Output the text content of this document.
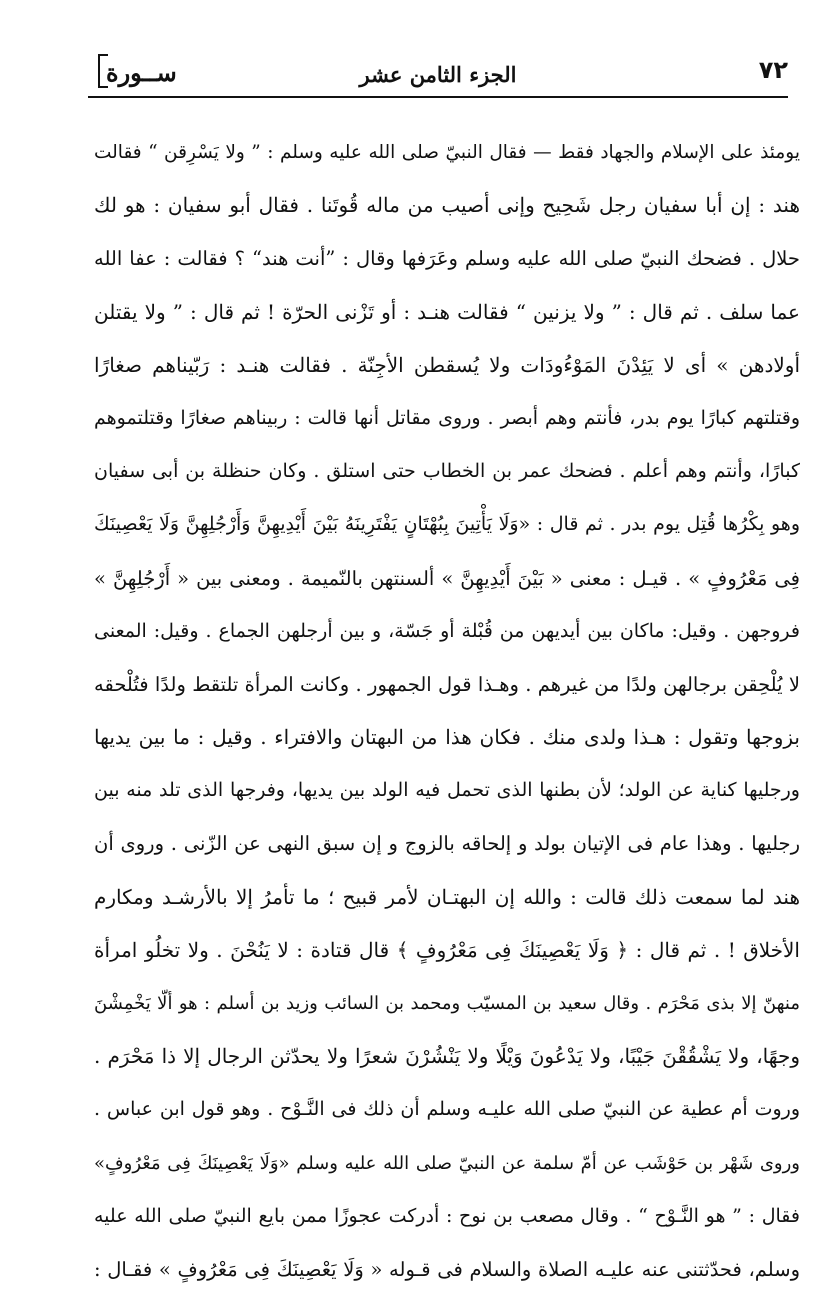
٧٢
الجزء الثامن عشر
ســورة
يومئذ على الإسلام والجهاد فقط — فقال النبيّ صلى الله عليه وسلم : ” ولا يَسْرِقن “ فقالت
هند : إن أبا سفيان رجل شَحِيح وإنى أصيب من ماله قُوتَنا . فقال أبو سفيان : هو لك
حلال . فضحك النبيّ صلى الله عليه وسلم وعَرَفها وقال : ”أنت هند“ ؟ فقالت : عفا الله
عما سلف . ثم قال : ” ولا يزنين “ فقالت هنـد : أو تَزْنى الحرّة ! ثم قال : ” ولا يقتلن
أولادهن » أى لا يَئِدْنَ المَوْءُودَات ولا يُسقطن الأجِنّة . فقالت هنـد : رَبّيناهم صغارًا
وقتلتهم كبارًا يوم بدر، فأنتم وهم أبصر . وروى مقاتل أنها قالت : ربيناهم صغارًا وقتلتموهم
كبارًا، وأنتم وهم أعلم . فضحك عمر بن الخطاب حتى استلق . وكان حنظلة بن أبى سفيان
وهو بِكْرُها قُتِل يوم بدر . ثم قال : «وَلَا يَأْتِينَ بِبُهْتَانٍ يَفْتَرِينَهُ بَيْنَ أَيْدِيهِنَّ وَأَرْجُلِهِنَّ وَلَا يَعْصِينَكَ
فِى مَعْرُوفٍ » . قيـل : معنى « بَيْنَ أَيْدِيهِنَّ » ألسنتهن بالنّميمة . ومعنى بين « أَرْجُلِهِنَّ »
فروجهن . وقيل: ماكان بين أيديهن من قُبْلة أو جَسّة، و بين أرجلهن الجماع . وقيل: المعنى
لا يُلْحِقن برجالهن ولدًا من غيرهم . وهـذا قول الجمهور . وكانت المرأة تلتقط ولدًا فتُلْحقه
بزوجها وتقول : هـذا ولدى منك . فكان هذا من البهتان والافتراء . وقيل : ما بين يديها
ورجليها كناية عن الولد؛ لأن بطنها الذى تحمل فيه الولد بين يديها، وفرجها الذى تلد منه بين
رجليها . وهذا عام فى الإتيان بولد و إلحاقه بالزوج و إن سبق النهى عن الزّنى . وروى أن
هند لما سمعت ذلك قالت : والله إن البهتـان لأمر قبيح ؛ ما تأمرُ إلا بالأرشـد ومكارم
الأخلاق ! . ثم قال : ﴿ وَلَا يَعْصِينَكَ فِى مَعْرُوفٍ ﴾ قال قتادة : لا يَنُحْنَ . ولا تخلُو امرأة
منهنّ إلا بذى مَحْرَم . وقال سعيد بن المسيّب ومحمد بن السائب وزيد بن أسلم : هو ألّا يَخْمِشْنَ
وجهًا، ولا يَشْقُقْنَ جَيْبًا، ولا يَدْعُونَ وَيْلًا ولا يَنْشُرْنَ شعرًا ولا يحدّثن الرجال إلا ذا مَحْرَم .
وروت أم عطية عن النبيّ صلى الله عليـه وسلم أن ذلك فى النَّـوْح . وهو قول ابن عباس .
وروى شَهْر بن حَوْشَب عن أمّ سلمة عن النبيّ صلى الله عليه وسلم «وَلَا يَعْصِينَكَ فِى مَعْرُوفٍ»
فقال : ” هو النَّـوْح “ . وقال مصعب بن نوح : أدركت عجوزًا ممن بايع النبيّ صلى الله عليه
وسلم، فحدّثتنى عنه عليـه الصلاة والسلام فى قـوله « وَلَا يَعْصِينَكَ فِى مَعْرُوفٍ » فقـال :
